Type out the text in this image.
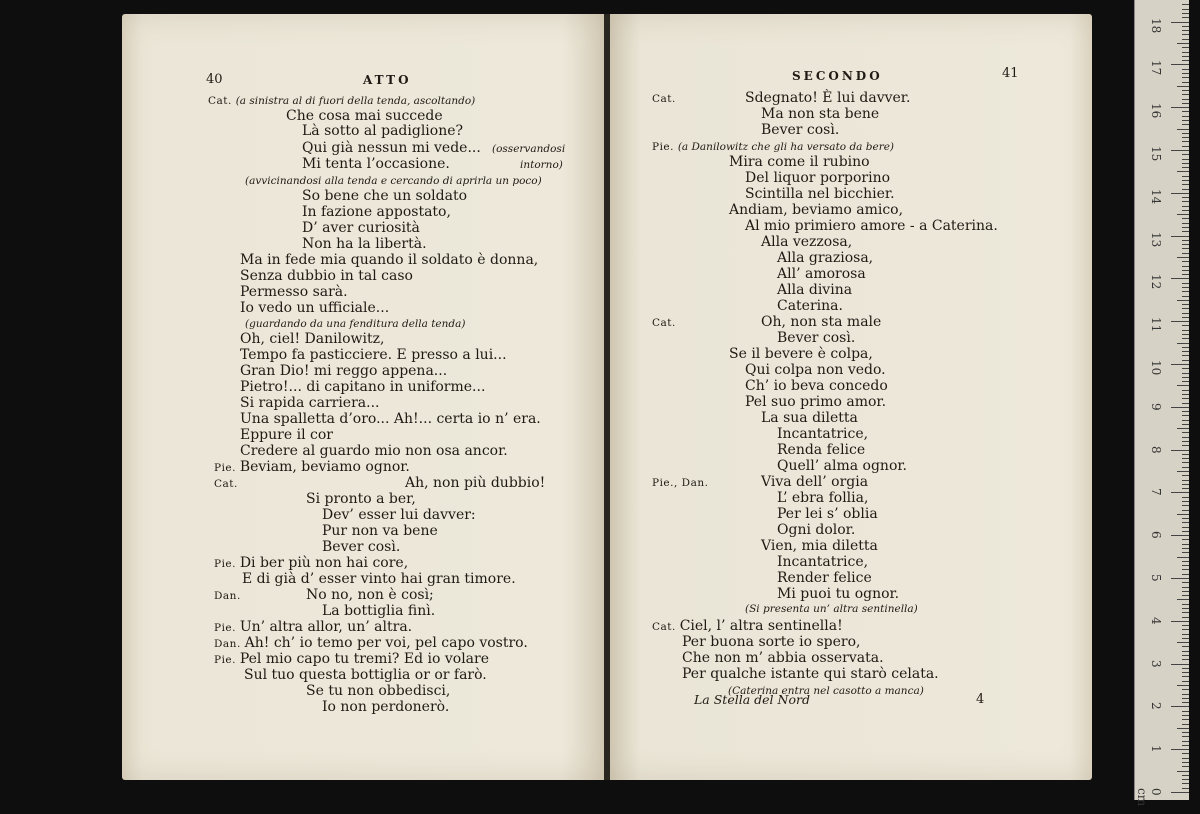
40	ATTO	SECONDO	41
Cat. (a sinistra al di fuori della tenda, ascoltando)
Che cosa mai succede
Là sotto al padiglione?
Qui già nessun mi vede... (osservandosi
Mi tenta l’occasione.	intorno)
(avvicinandosi alla tenda e cercando di aprirla un poco)
So bene che un soldato
In fazione appostato,
D’ aver curiosità
Non ha la libertà.
Ma in fede mia quando il soldato è donna,
Senza dubbio in tal caso
Permesso sarà.
Io vedo un ufficiale...
(guardando da una fenditura della tenda)
Oh, ciel! Danilowitz,
Tempo fa pasticciere. E presso a lui...
Gran Dio! mi reggo appena...
Pietro!... di capitano in uniforme...
Si rapida carriera...
Una spalletta d’oro... Ah!... certa io n’ era.
Eppure il cor
Credere al guardo mio non osa ancor.
Pie. Beviam, beviamo ognor.
Cat.	Ah, non più dubbio!
Si pronto a ber,
Dev’ esser lui davver:
Pur non va bene
Bever così.
Pie. Di ber più non hai core,
E di già d’ esser vinto hai gran timore.
Dan.	No no, non è così;
La bottiglia finì.
Pie. Un’ altra allor, un’ altra.
Dan. Ah! ch’ io temo per voi, pel capo vostro.
Pie. Pel mio capo tu tremi? Ed io volare
Sul tuo questa bottiglia or or farò.
Se tu non obbedisci,
Io non perdonerò.
Cat.	Sdegnato! È lui davver.
Ma non sta bene
Bever così.
Pie. (a Danilowitz che gli ha versato da bere)
Mira come il rubino
Del liquor porporino
Scintilla nel bicchier.
Andiam, beviamo amico,
Al mio primiero amore - a Caterina.
Alla vezzosa,
Alla graziosa,
All’ amorosa
Alla divina
Caterina.
Cat.	Oh, non sta male
Bever così.
Se il bevere è colpa,
Qui colpa non vedo.
Ch’ io beva concedo
Pel suo primo amor.
La sua diletta
Incantatrice,
Renda felice
Quell’ alma ognor.
Pie., Dan.	Viva dell’ orgia
L’ ebra follia,
Per lei s’ oblia
Ogni dolor.
Vien, mia diletta
Incantatrice,
Render felice
Mi puoi tu ognor.
(Si presenta un’ altra sentinella)
Cat. Ciel, l’ altra sentinella!
Per buona sorte io spero,
Che non m’ abbia osservata.
Per qualche istante qui starò celata.
(Caterina entra nel casotto a manca)
La Stella del Nord	4
0 cm
1
2
3
4
5
6
7
8
9
10
11
12
13
14
15
16
17
18
